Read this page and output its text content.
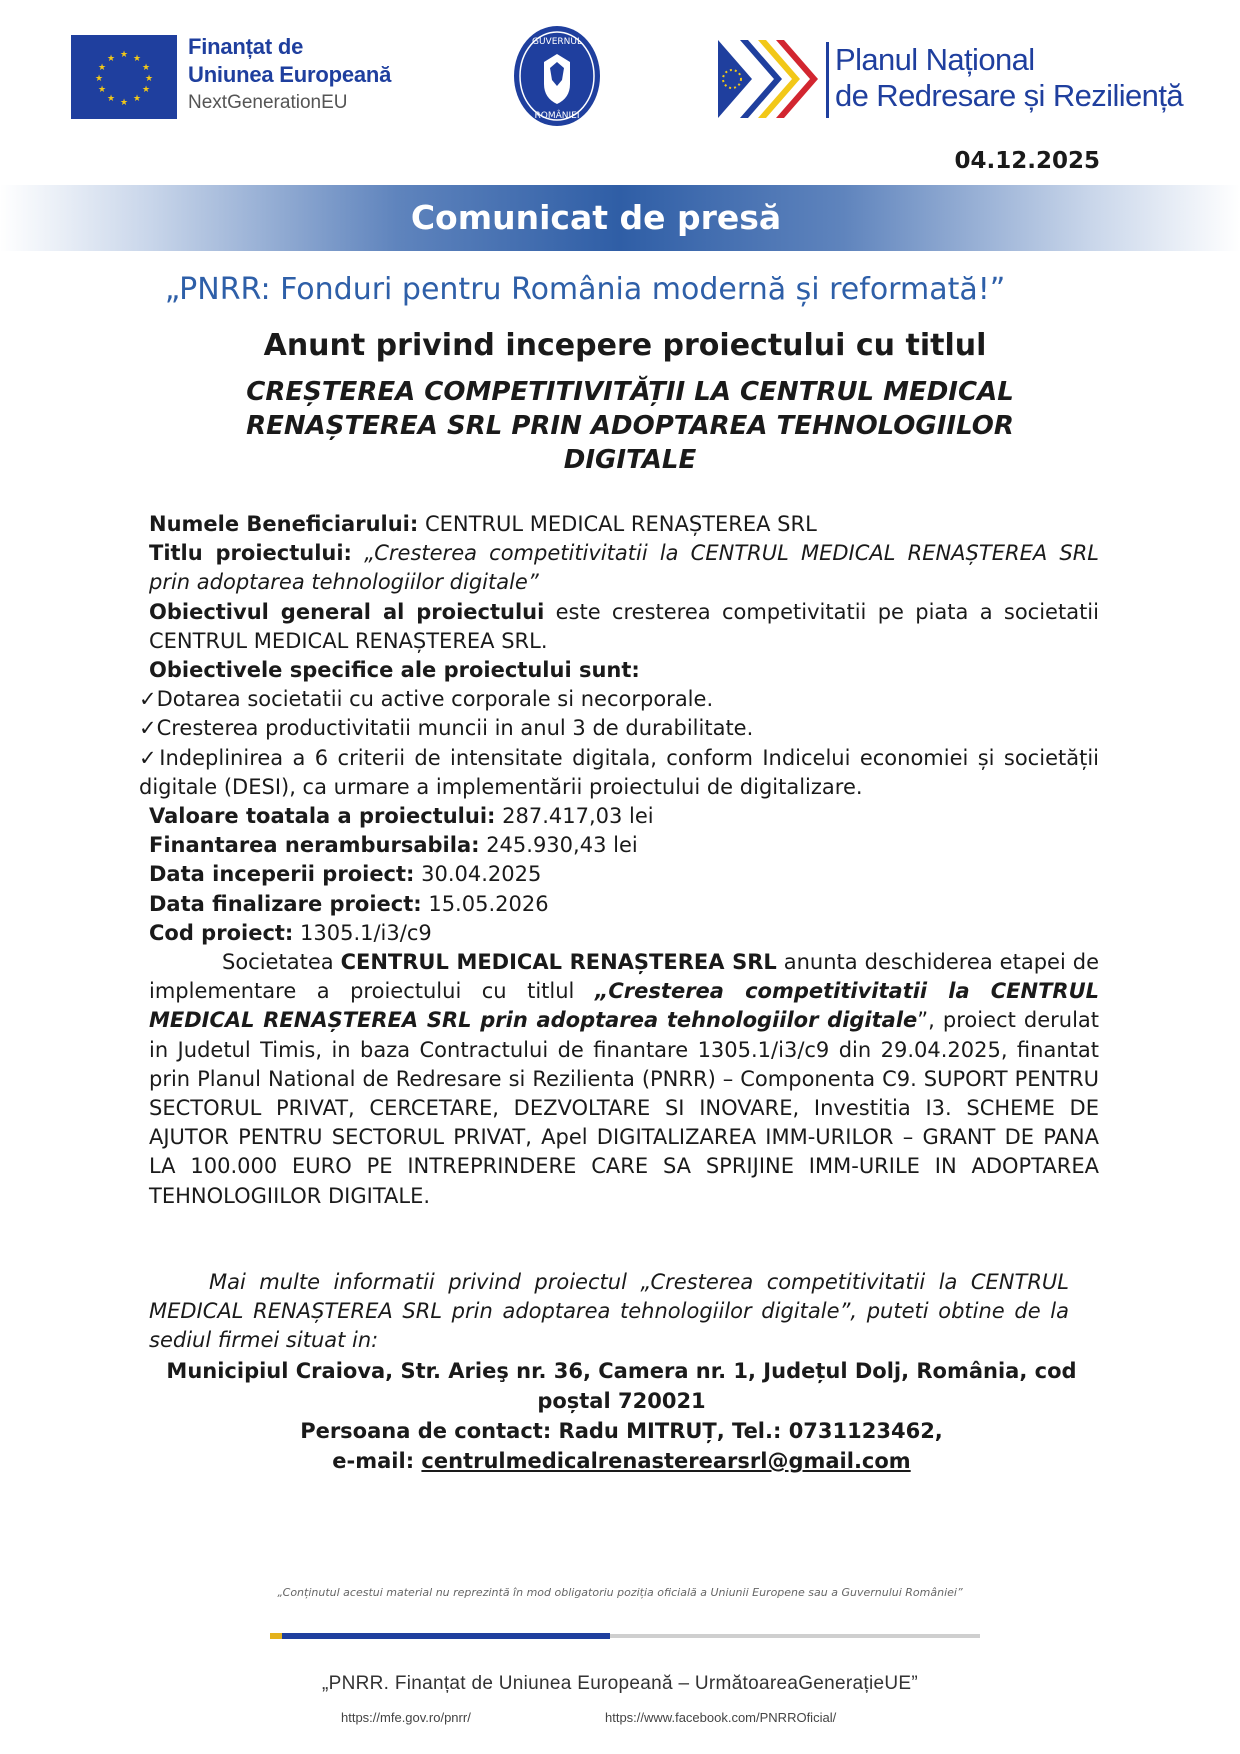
★ ★
★
★
★
★
★
★
★
★
★
★	Finanțat de
Uniunea Europeană
NextGenerationEU
GUVERNUL
ROMÂNIEI
Planul Național
de Redresare și Reziliență
04.12.2025
Comunicat de presă
„PNRR: Fonduri pentru România modernă și reformată!”
Anunt privind incepere proiectului cu titlul
CREȘTEREA COMPETITIVITĂȚII LA CENTRUL MEDICAL RENAȘTEREA SRL PRIN ADOPTAREA TEHNOLOGIILOR DIGITALE

Numele Beneficiarului: CENTRUL MEDICAL RENAȘTEREA SRL

Titlu proiectului: „Cresterea competitivitatii la CENTRUL MEDICAL RENAȘTEREA SRL prin adoptarea tehnologiilor digitale”

Obiectivul general al proiectului este cresterea competivitatii pe piata a societatii CENTRUL MEDICAL RENAȘTEREA SRL.

Obiectivele specifice ale proiectului sunt:

✓Dotarea societatii cu active corporale si necorporale.

✓Cresterea productivitatii muncii in anul 3 de durabilitate.

✓Indeplinirea a 6 criterii de intensitate digitala, conform Indicelui economiei și societății digitale (DESI), ca urmare a implementării proiectului de digitalizare.

Valoare toatala a proiectului: 287.417,03 lei

Finantarea nerambursabila: 245.930,43 lei

Data inceperii proiect: 30.04.2025

Data finalizare proiect: 15.05.2026

Cod proiect: 1305.1/i3/c9

Societatea CENTRUL MEDICAL RENAȘTEREA SRL anunta deschiderea etapei de implementare a proiectului cu titlul „Cresterea competitivitatii la CENTRUL MEDICAL RENAȘTEREA SRL prin adoptarea tehnologiilor digitale”, proiect derulat in Judetul Timis, in baza Contractului de finantare 1305.1/i3/c9 din 29.04.2025, finantat prin Planul National de Redresare si Rezilienta (PNRR) – Componenta C9. SUPORT PENTRU SECTORUL PRIVAT, CERCETARE, DEZVOLTARE SI INOVARE, Investitia I3. SCHEME DE AJUTOR PENTRU SECTORUL PRIVAT, Apel DIGITALIZAREA IMM-URILOR – GRANT DE PANA LA 100.000 EURO PE INTREPRINDERE CARE SA SPRIJINE IMM-URILE IN ADOPTAREA TEHNOLOGIILOR DIGITALE.

Mai multe informatii privind proiectul „Cresterea competitivitatii la CENTRUL MEDICAL RENAȘTEREA SRL prin adoptarea tehnologiilor digitale”, puteti obtine de la sediul firmei situat in:
Municipiul Craiova, Str. Arieş nr. 36, Camera nr. 1, Județul Dolj, România, cod poștal 720021
Persoana de contact: Radu MITRUȚ, Tel.: 0731123462,
e-mail: centrulmedicalrenasterearsrl@gmail.com
„Conținutul acestui material nu reprezintă în mod obligatoriu poziția oficială a Uniunii Europene sau a Guvernului României”
„PNRR. Finanțat de Uniunea Europeană – UrmătoareaGenerațieUE”
https://mfe.gov.ro/pnrr/	https://www.facebook.com/PNRROficial/
